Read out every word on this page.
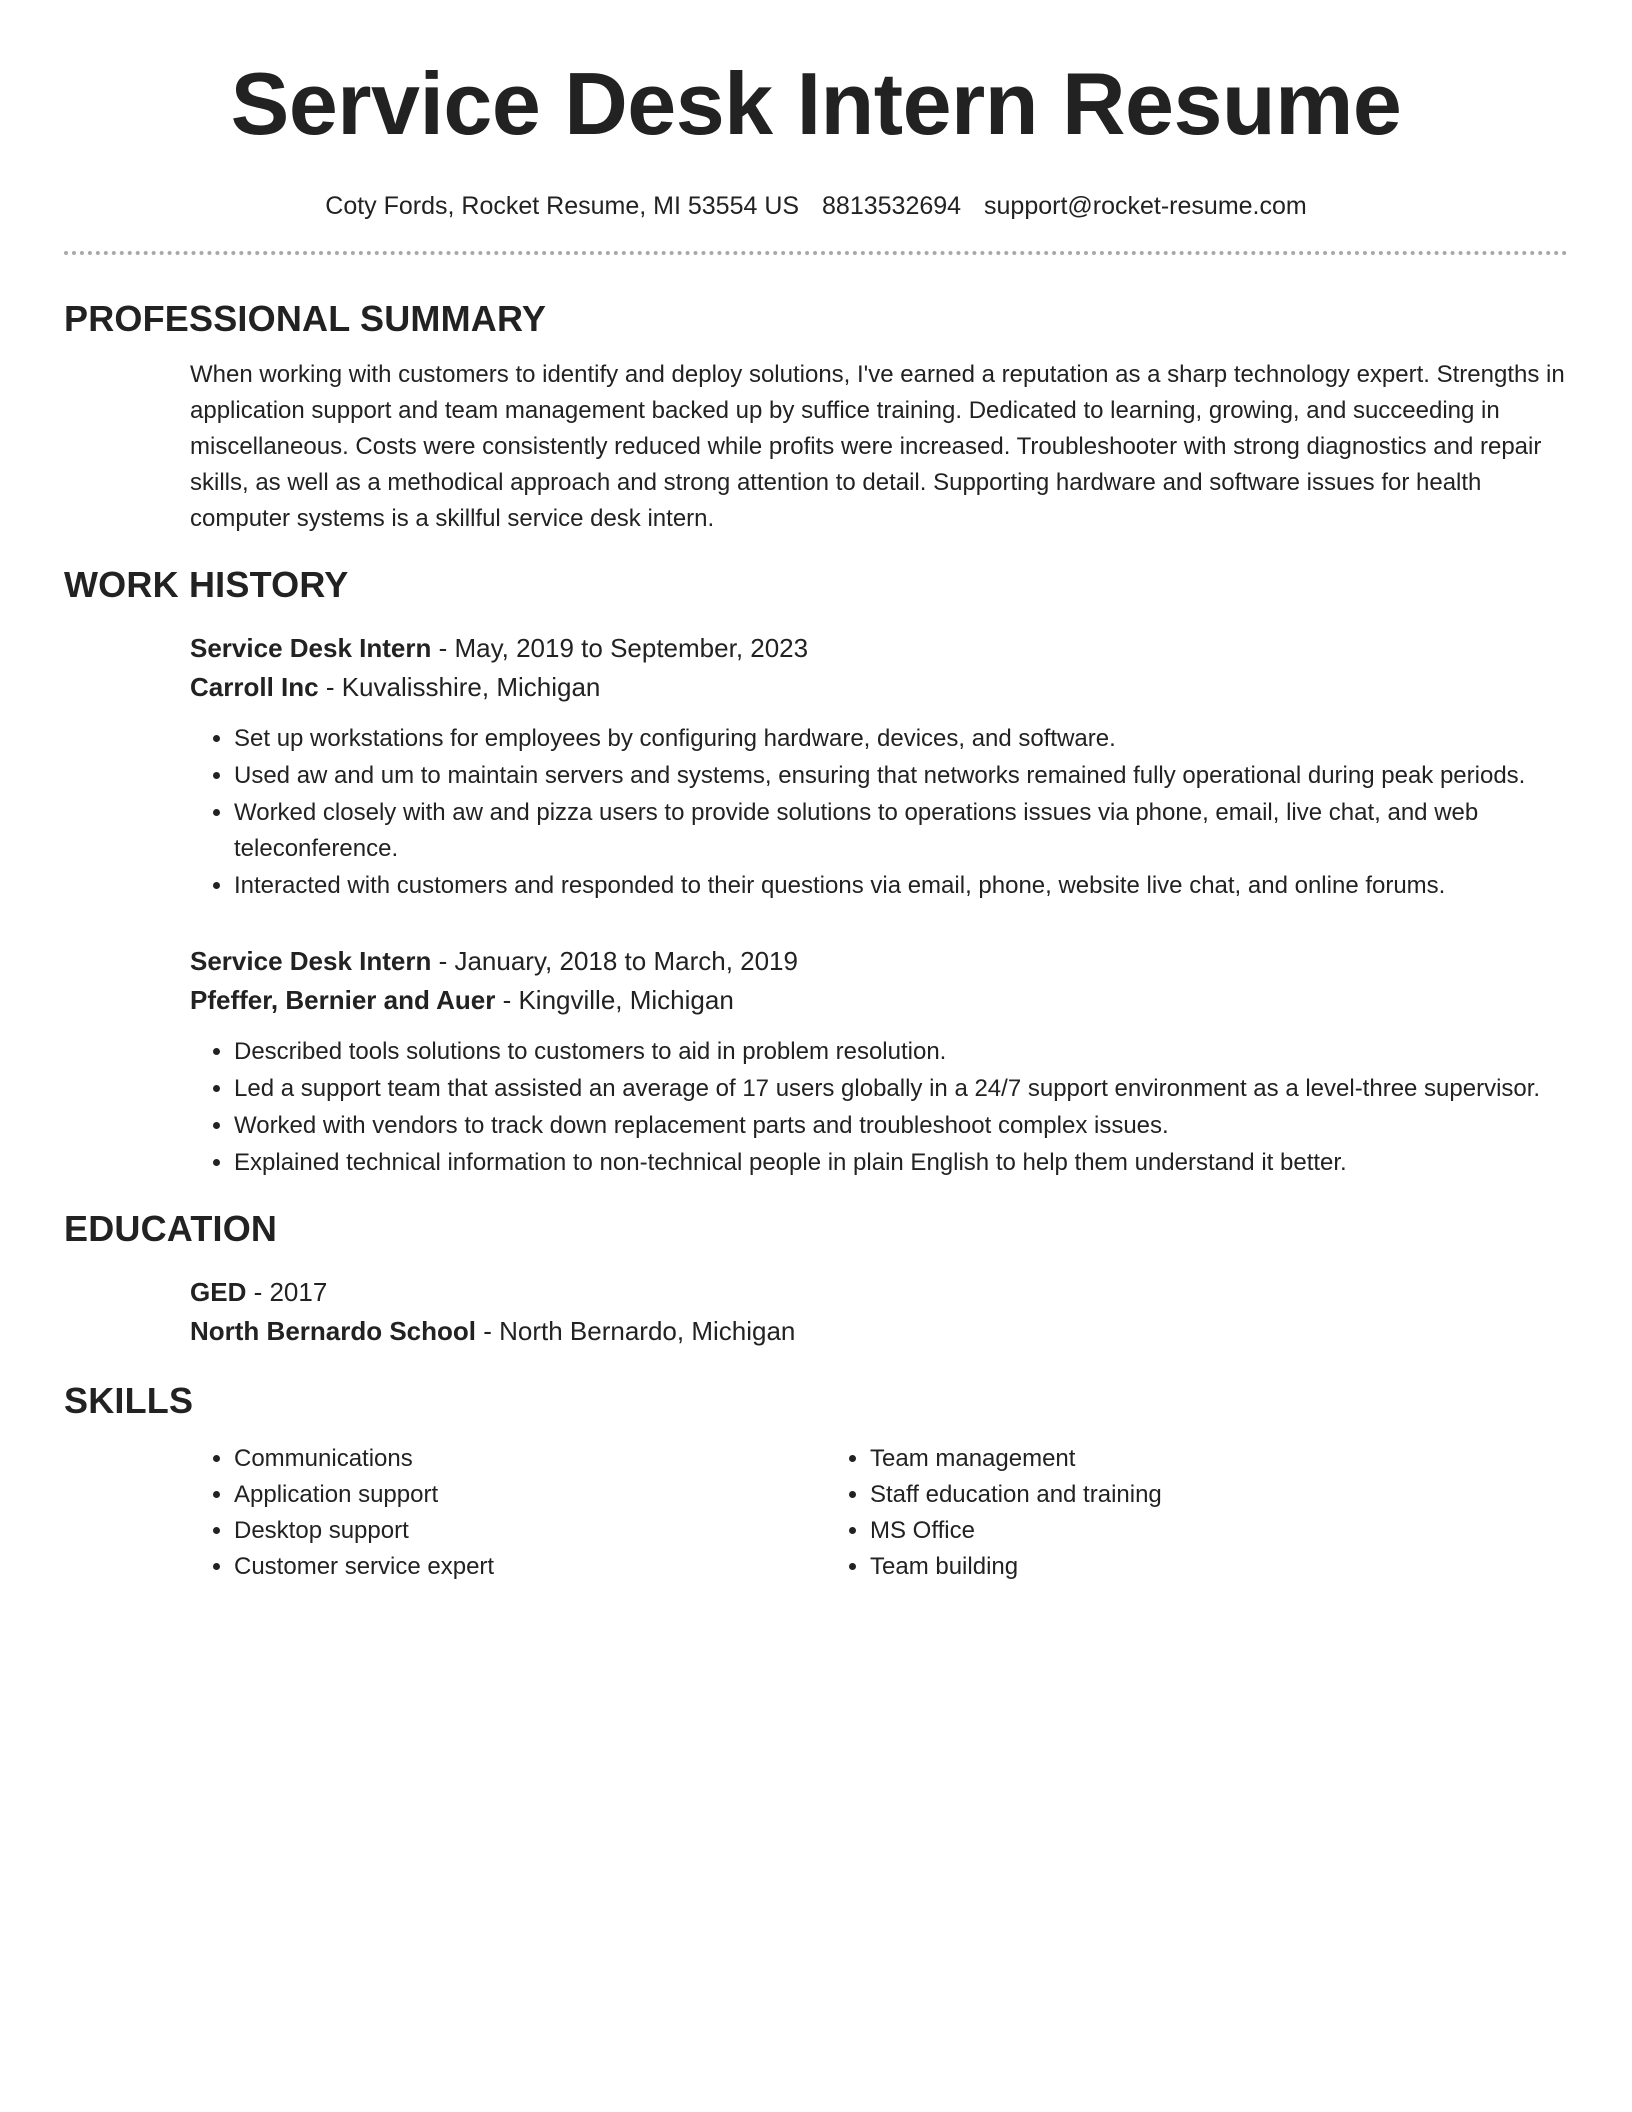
Service Desk Intern Resume
Coty Fords, Rocket Resume, MI 53554 US 8813532694 support@rocket-resume.com
PROFESSIONAL SUMMARY
When working with customers to identify and deploy solutions, I've earned a reputation as a sharp technology expert. Strengths in application support and team management backed up by suffice training. Dedicated to learning, growing, and succeeding in miscellaneous. Costs were consistently reduced while profits were increased. Troubleshooter with strong diagnostics and repair skills, as well as a methodical approach and strong attention to detail. Supporting hardware and software issues for health computer systems is a skillful service desk intern.
WORK HISTORY
Service Desk Intern - May, 2019 to September, 2023
Carroll Inc - Kuvalisshire, Michigan
• Set up workstations for employees by configuring hardware, devices, and software.
• Used aw and um to maintain servers and systems, ensuring that networks remained fully operational during peak periods.
• Worked closely with aw and pizza users to provide solutions to operations issues via phone, email, live chat, and web teleconference.
• Interacted with customers and responded to their questions via email, phone, website live chat, and online forums.
Service Desk Intern - January, 2018 to March, 2019
Pfeffer, Bernier and Auer - Kingville, Michigan
• Described tools solutions to customers to aid in problem resolution.
• Led a support team that assisted an average of 17 users globally in a 24/7 support environment as a level-three supervisor.
• Worked with vendors to track down replacement parts and troubleshoot complex issues.
• Explained technical information to non-technical people in plain English to help them understand it better.
EDUCATION
GED - 2017
North Bernardo School - North Bernardo, Michigan
SKILLS
• Communications
• Application support
• Desktop support
• Customer service expert
• Team management
• Staff education and training
• MS Office
• Team building
